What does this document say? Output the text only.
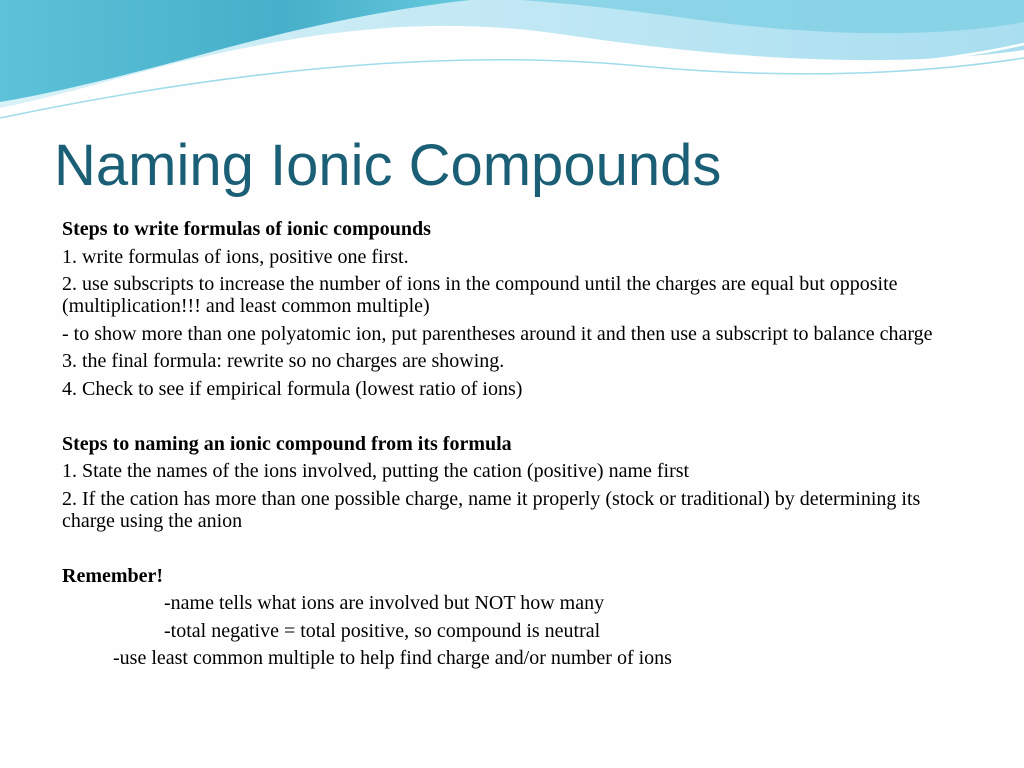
Naming Ionic Compounds

Steps to write formulas of ionic compounds

1. write formulas of ions, positive one first.

2. use subscripts to increase the number of ions in the compound until the charges are equal but opposite (multiplication!!! and least common multiple)

- to show more than one polyatomic ion, put parentheses around it and then use a subscript to balance charge

3. the final formula: rewrite so no charges are showing.

4. Check to see if empirical formula (lowest ratio of ions)

Steps to naming an ionic compound from its formula

1. State the names of the ions involved, putting the cation (positive) name first

2. If the cation has more than one possible charge, name it properly (stock or traditional) by determining its charge using the anion

Remember!

-name tells what ions are involved but NOT how many

-total negative = total positive, so compound is neutral

-use least common multiple to help find charge and/or number of ions
